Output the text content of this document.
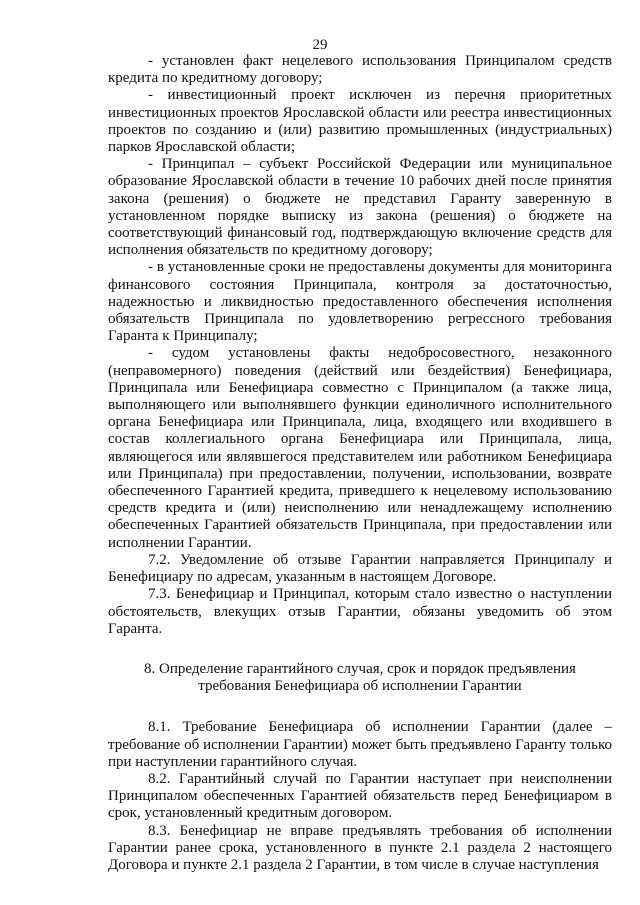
29

- установлен факт нецелевого использования Принципалом средств кредита по кредитному договору;

- инвестиционный проект исключен из перечня приоритетных инвестиционных проектов Ярославской области или реестра инвестиционных проектов по созданию и (или) развитию промышленных (индустриальных) парков Ярославской области;

- Принципал – субъект Российской Федерации или муниципальное образование Ярославской области в течение 10 рабочих дней после принятия закона (решения) о бюджете не представил Гаранту заверенную в установленном порядке выписку из закона (решения) о бюджете на соответствующий финансовый год, подтверждающую включение средств для исполнения обязательств по кредитному договору;

- в установленные сроки не предоставлены документы для мониторинга финансового состояния Принципала, контроля за достаточностью, надежностью и ликвидностью предоставленного обеспечения исполнения обязательств Принципала по удовлетворению регрессного требования Гаранта к Принципалу;

- судом установлены факты недобросовестного, незаконного (неправомерного) поведения (действий или бездействия) Бенефициара, Принципала или Бенефициара совместно с Принципалом (а также лица, выполняющего или выполнявшего функции единоличного исполнительного органа Бенефициара или Принципала, лица, входящего или входившего в состав коллегиального органа Бенефициара или Принципала, лица, являющегося или являвшегося представителем или работником Бенефициара или Принципала) при предоставлении, получении, использовании, возврате обеспеченного Гарантией кредита, приведшего к нецелевому использованию средств кредита и (или) неисполнению или ненадлежащему исполнению обеспеченных Гарантией обязательств Принципала, при предоставлении или исполнении Гарантии.

7.2. Уведомление об отзыве Гарантии направляется Принципалу и Бенефициару по адресам, указанным в настоящем Договоре.

7.3. Бенефициар и Принципал, которым стало известно о наступлении обстоятельств, влекущих отзыв Гарантии, обязаны уведомить об этом Гаранта.

8. Определение гарантийного случая, срок и порядок предъявления
требования Бенефициара об исполнении Гарантии

8.1. Требование Бенефициара об исполнении Гарантии (далее – требование об исполнении Гарантии) может быть предъявлено Гаранту только при наступлении гарантийного случая.

8.2. Гарантийный случай по Гарантии наступает при неисполнении Принципалом обеспеченных Гарантией обязательств перед Бенефициаром в срок, установленный кредитным договором.

8.3. Бенефициар не вправе предъявлять требования об исполнении Гарантии ранее срока, установленного в пункте 2.1 раздела 2 настоящего Договора и пункте 2.1 раздела 2 Гарантии, в том числе в случае наступления
